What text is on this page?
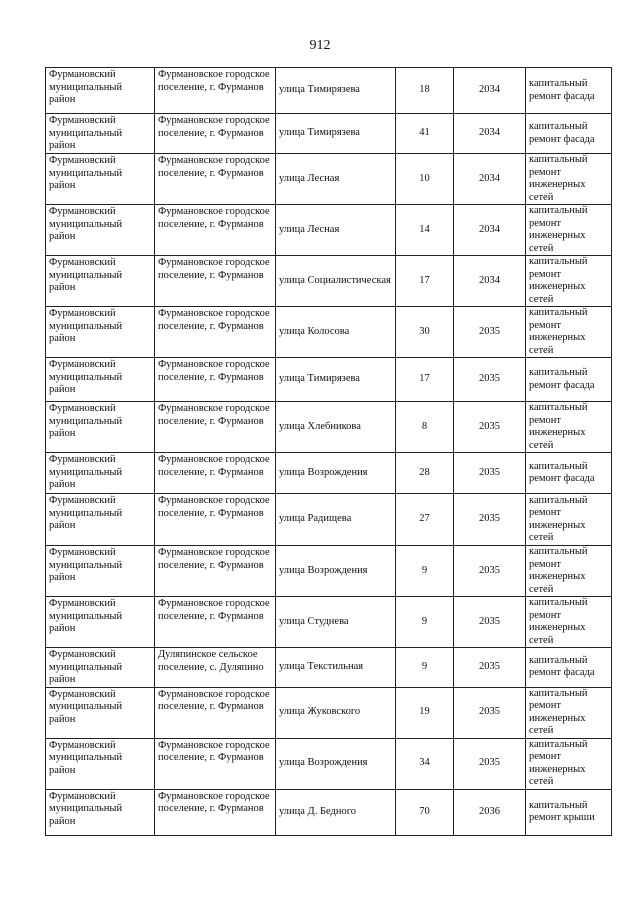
912
Фурмановский муниципальный район	Фурмановское городское поселение, г. Фурманов	улица Тимирязева	18	2034	капитальный ремонт фасада
Фурмановский муниципальный район	Фурмановское городское поселение, г. Фурманов	улица Тимирязева	41	2034	капитальный ремонт фасада
Фурмановский муниципальный район	Фурмановское городское поселение, г. Фурманов	улица Лесная	10	2034	капитальный ремонт инженерных сетей
Фурмановский муниципальный район	Фурмановское городское поселение, г. Фурманов	улица Лесная	14	2034	капитальный ремонт инженерных сетей
Фурмановский муниципальный район	Фурмановское городское поселение, г. Фурманов	улица Социалистическая	17	2034	капитальный ремонт инженерных сетей
Фурмановский муниципальный район	Фурмановское городское поселение, г. Фурманов	улица Колосова	30	2035	капитальный ремонт инженерных сетей
Фурмановский муниципальный район	Фурмановское городское поселение, г. Фурманов	улица Тимирязева	17	2035	капитальный ремонт фасада
Фурмановский муниципальный район	Фурмановское городское поселение, г. Фурманов	улица Хлебникова	8	2035	капитальный ремонт инженерных сетей
Фурмановский муниципальный район	Фурмановское городское поселение, г. Фурманов	улица Возрождения	28	2035	капитальный ремонт фасада
Фурмановский муниципальный район	Фурмановское городское поселение, г. Фурманов	улица Радищева	27	2035	капитальный ремонт инженерных сетей
Фурмановский муниципальный район	Фурмановское городское поселение, г. Фурманов	улица Возрождения	9	2035	капитальный ремонт инженерных сетей
Фурмановский муниципальный район	Фурмановское городское поселение, г. Фурманов	улица Студнева	9	2035	капитальный ремонт инженерных сетей
Фурмановский муниципальный район	Дуляпинское сельское поселение, с. Дуляпино	улица Текстильная	9	2035	капитальный ремонт фасада
Фурмановский муниципальный район	Фурмановское городское поселение, г. Фурманов	улица Жуковского	19	2035	капитальный ремонт инженерных сетей
Фурмановский муниципальный район	Фурмановское городское поселение, г. Фурманов	улица Возрождения	34	2035	капитальный ремонт инженерных сетей
Фурмановский муниципальный район	Фурмановское городское поселение, г. Фурманов	улица Д. Бедного	70	2036	капитальный ремонт крыши
